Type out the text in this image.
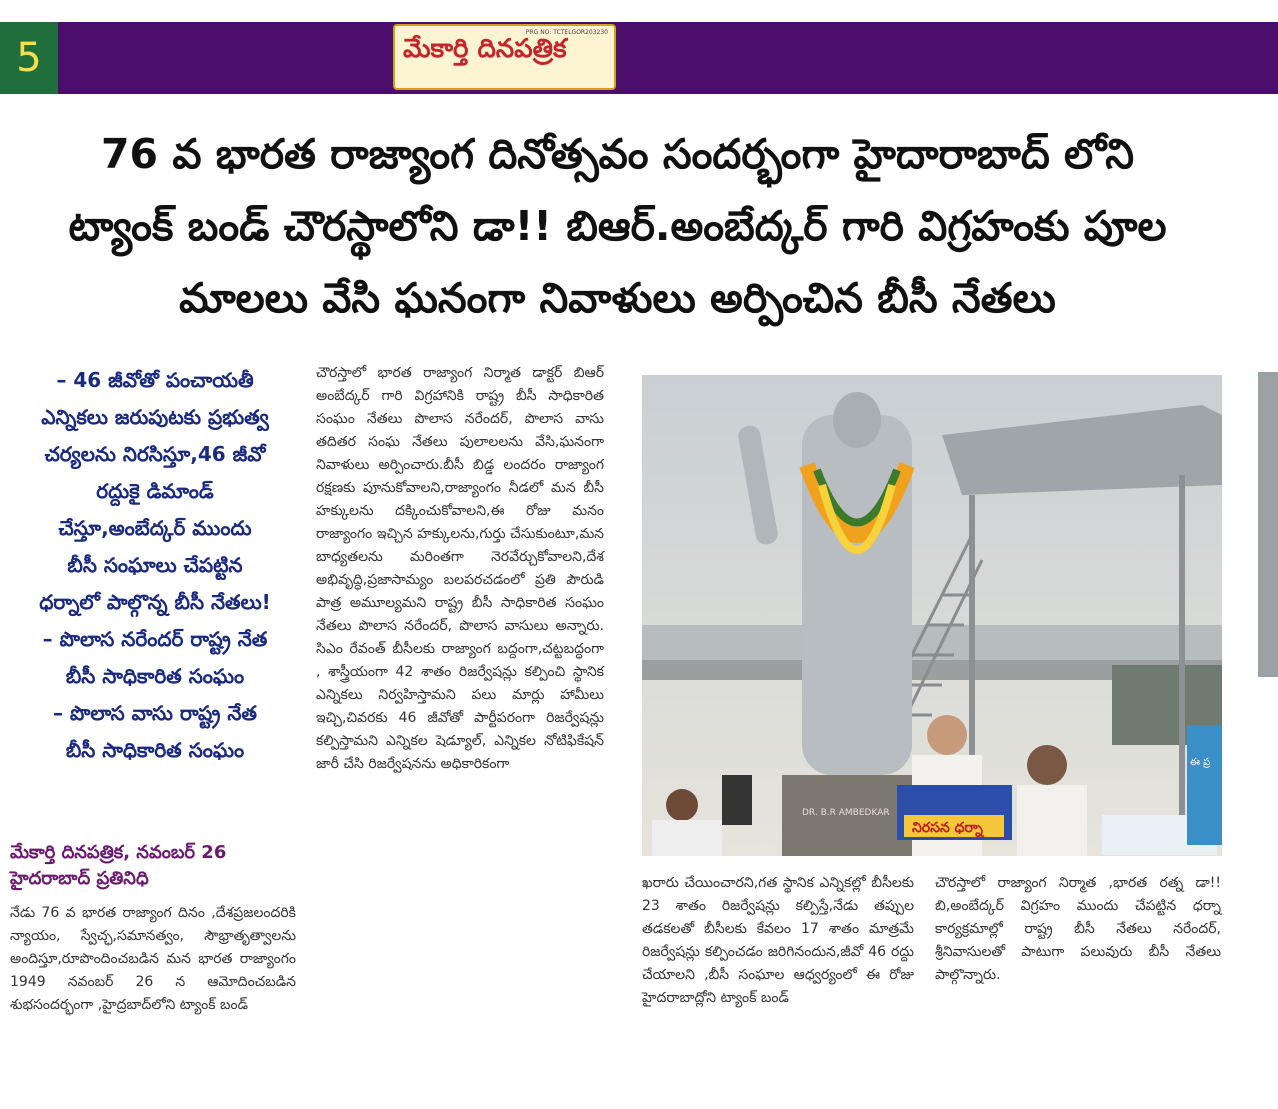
5
PRG NO: TCTELGOR203230
మేకార్తి దినపత్రిక
76 వ భారత రాజ్యాంగ దినోత్సవం సందర్భంగా హైదారాబాద్ లోని
ట్యాంక్ బండ్ చౌరస్థాలోని డా!! బిఆర్.అంబేద్కర్ గారి విగ్రహంకు పూల
మాలలు వేసి ఘనంగా నివాళులు అర్పించిన బీసీ నేతలు
– 46 జీవోతో పంచాయతీ
ఎన్నికలు జరుపుటకు ప్రభుత్వ
చర్యలను నిరసిస్తూ,46 జీవో
రద్దుకై డిమాండ్
చేస్తూ,అంబేద్కర్ ముందు
బీసీ సంఘాలు చేపట్టిన
ధర్నాలో పాల్గొన్న బీసీ నేతలు!
– పొలాస నరేందర్ రాష్ట్ర నేత
బీసీ సాధికారిత సంఘం
– పొలాస వాసు రాష్ట్ర నేత
బీసీ సాధికారిత సంఘం
మేకార్తి దినపత్రిక, నవంబర్ 26
హైదరాబాద్ ప్రతినిధి
నేడు 76 వ భారత రాజ్యాంగ దినం ,దేశప్రజలందరికి న్యాయం, స్వేచ్ఛ,సమానత్వం, సౌభ్రాతృత్వాలను అందిస్తూ,రూపొందించబడిన మన భారత రాజ్యాంగం 1949 నవంబర్ 26 న ఆమోదించబడిన శుభసందర్భంగా ,హైద్రబాద్‌లోని ట్యాంక్ బండ్
చౌరస్తాలో భారత రాజ్యాంగ నిర్మాత డాక్టర్ బిఆర్ అంబేద్కర్ గారి విగ్రహానికి రాష్ట్ర బీసీ సాధికారిత సంఘం నేతలు పొలాస నరేందర్, పొలాస వాసు తదితర సంఘ నేతలు పులాలలను వేసి,ఘనంగా నివాళులు అర్పించారు.బీసీ బిడ్డ లందరం రాజ్యాంగ రక్షణకు పూనుకోవాలని,రాజ్యాంగం నీడలో మన బీసీ హక్కులను దక్కించుకోవాలని,ఈ రోజు మనం రాజ్యాంగం ఇచ్చిన హక్కులను,గుర్తు చేసుకుంటూ,మన బాధ్యతలను మరింతగా నెరవేర్చుకోవాలని,దేశ అభివృద్ధి,ప్రజాసామ్యం బలపరచడంలో ప్రతి పౌరుడి పాత్ర అమూల్యమని రాష్ట్ర బీసీ సాధికారిత సంఘం నేతలు పొలాస నరేందర్, పొలాస వాసులు అన్నారు. సిఎం రేవంత్ బీసీలకు రాజ్యాంగ బద్దంగా,చట్టబద్ధంగా , శాస్త్రీయంగా 42 శాతం రిజర్వేషన్లు కల్పించి స్థానిక ఎన్నికలు నిర్వహిస్తామని పలు మార్లు హామీలు ఇచ్చి,చివరకు 46 జీవోతో పార్టీపరంగా రిజర్వేషన్లు కల్పిస్తామని ఎన్నికల షెడ్యూల్, ఎన్నికల నోటిఫికేషన్ జారీ చేసి రిజర్వేషనను అధికారికంగా
ఖరారు చేయించారని,గత స్థానిక ఎన్నికల్లో బీసీలకు 23 శాతం రిజర్వేషన్లు కల్పిస్తే,నేడు తప్పుల తడకలతో బీసీలకు కేవలం 17 శాతం మాత్రమే రిజర్వేషన్లు కల్పించడం జరిగినందున,జీవో 46 రద్దు చేయాలని ,బీసీ సంఘాల ఆధ్వర్యంలో ఈ రోజు హైదరాబాద్లోని ట్యాంక్ బండ్
చౌరస్తాలో రాజ్యాంగ నిర్మాత ,భారత రత్న డా!! బి,అంబేద్కర్ విగ్రహం ముందు చేపట్టిన ధర్నా కార్యక్రమాల్లో రాష్ట్ర బీసీ నేతలు నరేందర్, శ్రీనివాసులతో పాటుగా పలువురు బీసీ నేతలు పాల్గొన్నారు.
DR. B.R AMBEDKAR
నిరసన ధర్నా
ఈ ప్ర
